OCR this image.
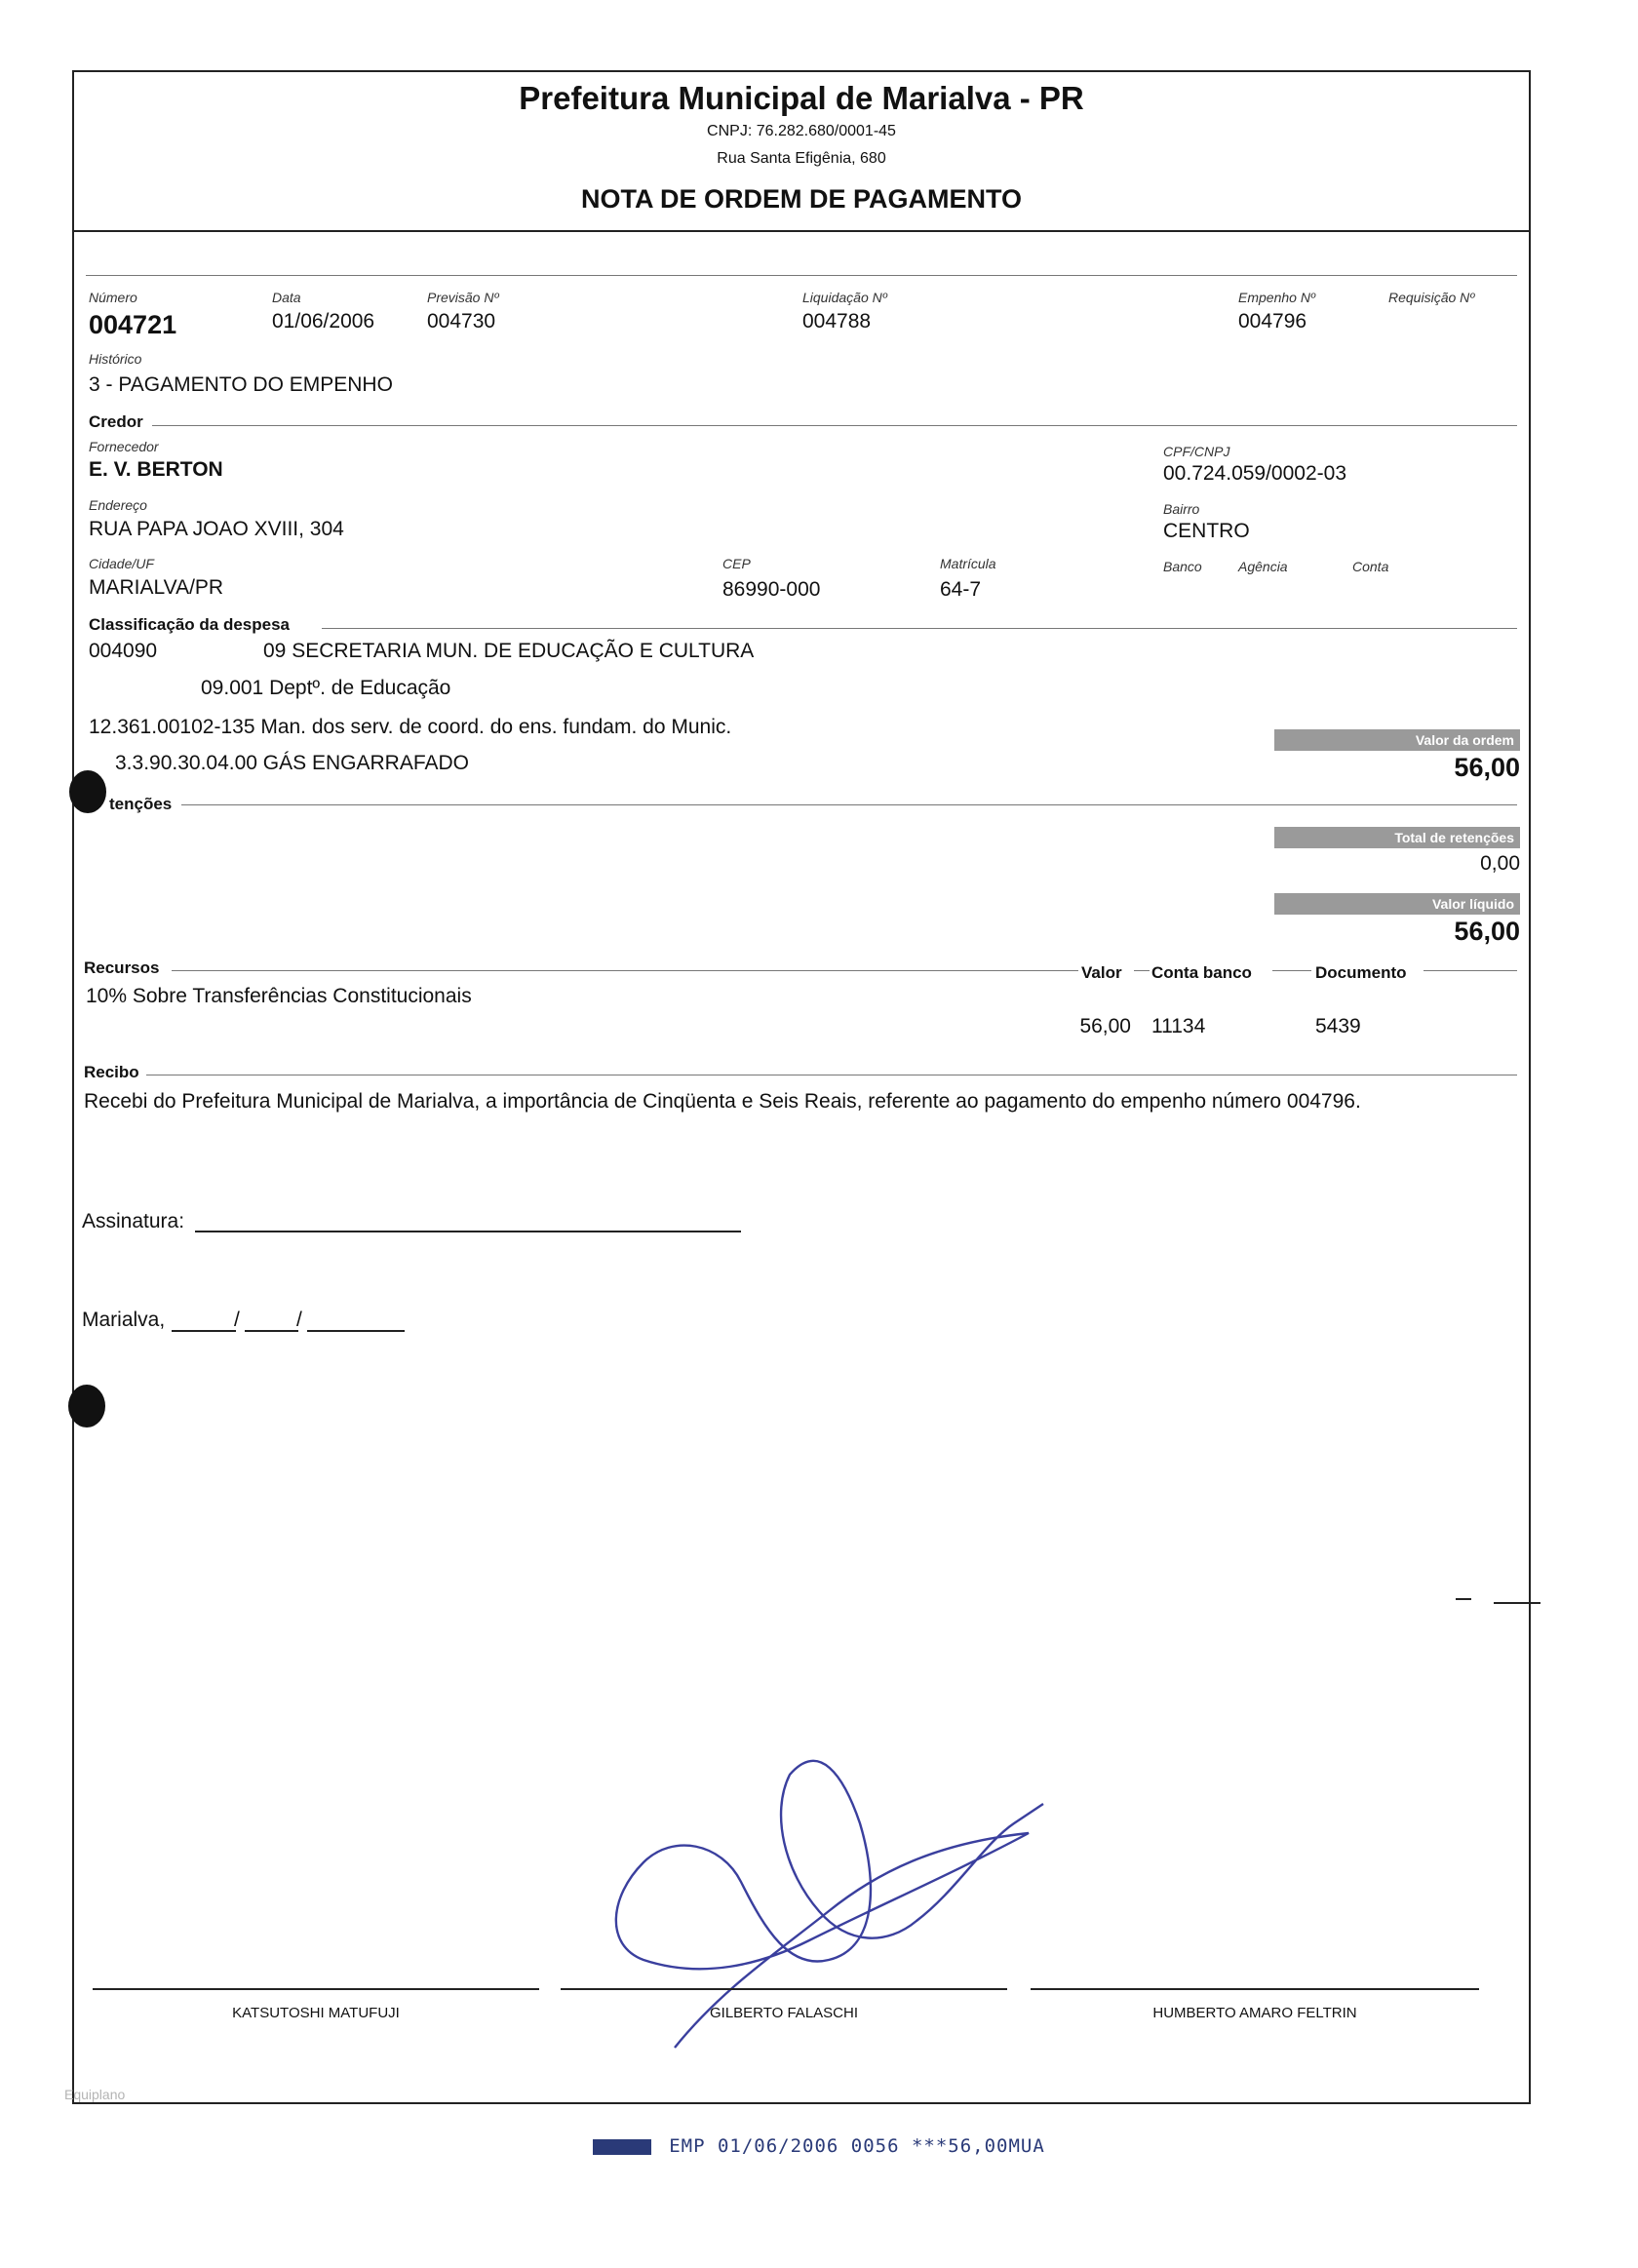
Prefeitura Municipal de Marialva - PR
CNPJ: 76.282.680/0001-45
Rua Santa Efigênia, 680
NOTA DE ORDEM DE PAGAMENTO
Número
004721
Data
01/06/2006
Previsão Nº
004730
Liquidação Nº
004788
Empenho Nº
004796
Requisição Nº
Histórico
3 - PAGAMENTO DO EMPENHO
Credor
Fornecedor
E. V. BERTON
CPF/CNPJ
00.724.059/0002-03
Endereço
RUA PAPA JOAO XVIII, 304
Bairro
CENTRO
Cidade/UF
MARIALVA/PR
CEP
86990-000
Matrícula
64-7
Banco	Agência	Conta
Classificação da despesa
004090	09 SECRETARIA MUN. DE EDUCAÇÃO E CULTURA
09.001 Deptº. de Educação
12.361.00102-135 Man. dos serv. de coord. do ens. fundam. do Munic.
3.3.90.30.04.00 GÁS ENGARRAFADO
Valor da ordem
56,00
Total de retenções
0,00
Valor líquido
56,00
tenções
Recursos	Valor Conta banco	Documento
10% Sobre Transferências Constitucionais
56,00 11134	5439
Recibo
Recebi do Prefeitura Municipal de Marialva, a importância de Cinqüenta e Seis Reais, referente ao pagamento do empenho número 004796.
Assinatura:
Marialva,	/	/
KATSUTOSHI MATUFUJI	GILBERTO FALASCHI	HUMBERTO AMARO FELTRIN
Equiplano
EMP 01/06/2006 0056 ***56,00MUA
